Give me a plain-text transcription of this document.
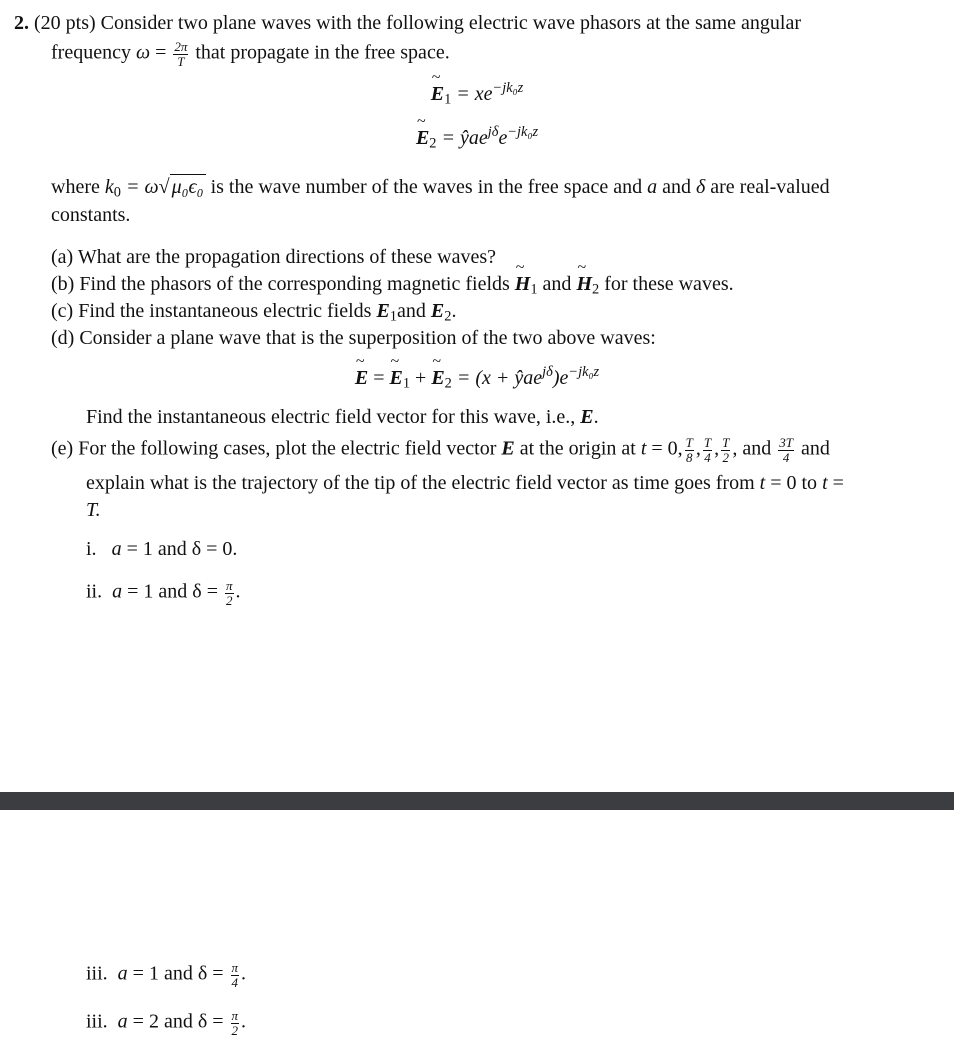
2. (20 pts) Consider two plane waves with the following electric wave phasors at the same angular
frequency $\omega = \frac{2\pi}{T}$ that propagate in the free space.
~ $E_1 = xe^{-jk_0z}$
~ $E_2$ = $ŷae^{j\delta}e^{-jk_0z}$
where $k_0 = \omega√$ μ₀ϵ₀ is the wave number of the waves in the free space and a and δ are real-valued
constants.
(a) What are the propagation directions of these waves?
(b) Find the phasors of the corresponding magnetic fields ~ $H_1$ and ~ $H_2$ for these waves.
(c) Find the instantaneous electric fields $E_1and$ $E_2$.
(d) Consider a plane wave that is the superposition of the two above waves:
~ E = ~ $E_1$ + ~ $E_2 = (x$ + $ŷae^{j\delta})e^{-jk_0z}$
Find the instantaneous electric field vector for this wave, i.e., E.
(e) For the following cases, plot the electric field vector E at the origin at t = 0, $\frac{T}{8}$ , $\frac{T}{4}$ , $\frac{T}{2}$ , and $\frac{3T}{4}$ and
explain what is the trajectory of the tip of the electric field vector as time goes from t = 0 to t =
T.
i. a = 1 and δ = 0.
ii. a = 1 and $\delta = \frac{\pi}{2}$ .
iii. a = 1 and $\delta = \frac{\pi}{4}$ .
iii. a = 2 and $\delta = \frac{\pi}{2}$ .
